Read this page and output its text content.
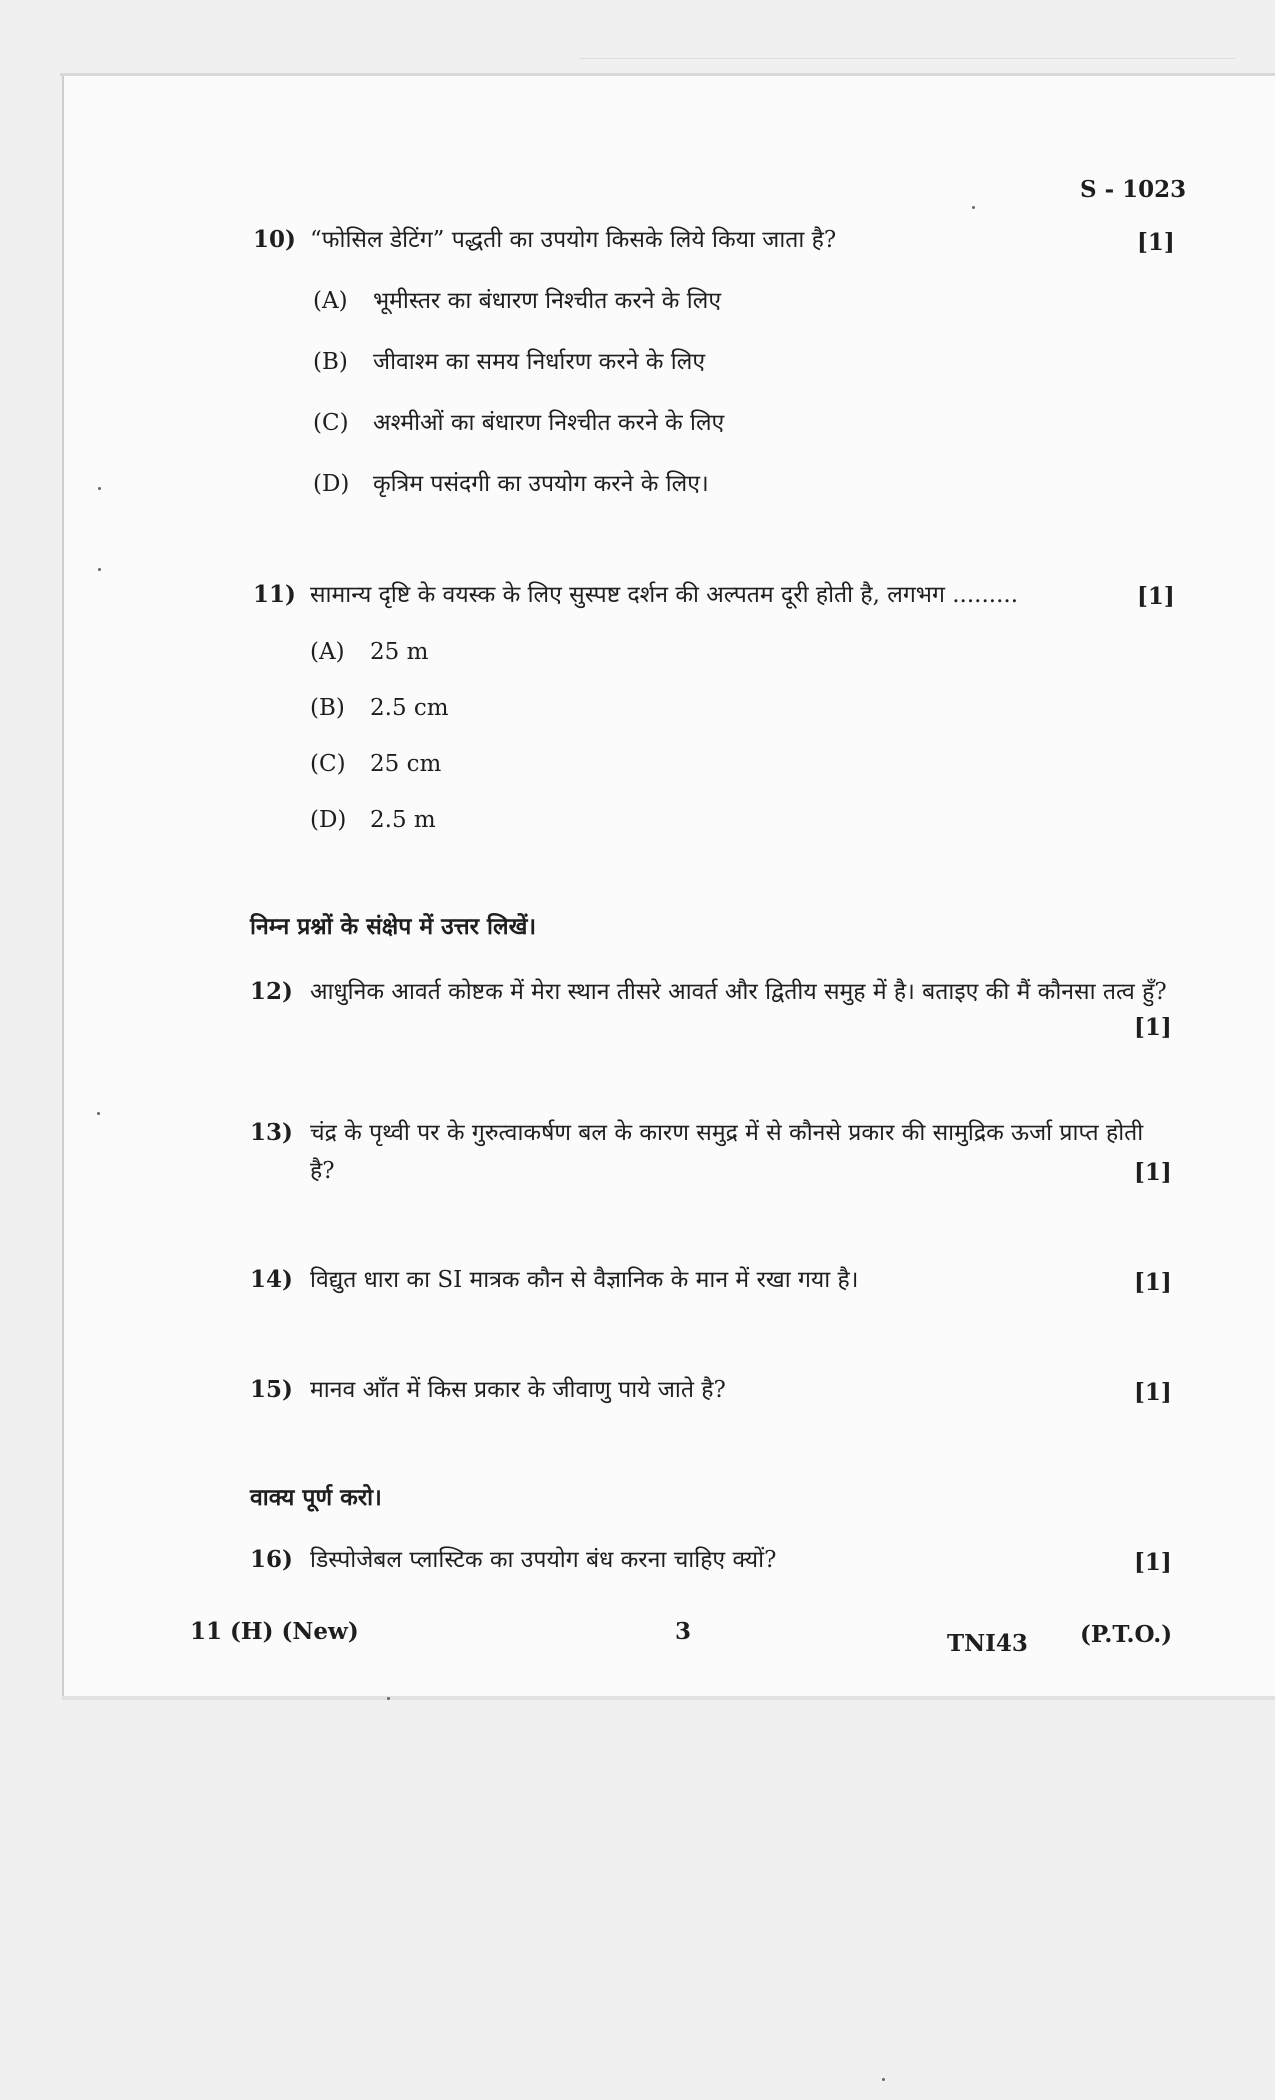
S - 1023
10) “फोसिल डेटिंग” पद्धती का उपयोग किसके लिये किया जाता है?	[1]
(A) भूमीस्तर का बंधारण निश्चीत करने के लिए
(B) जीवाश्म का समय निर्धारण करने के लिए
(C) अश्मीओं का बंधारण निश्चीत करने के लिए
(D) कृत्रिम पसंदगी का उपयोग करने के लिए।
11) सामान्य दृष्टि के वयस्क के लिए सुस्पष्ट दर्शन की अल्पतम दूरी होती है, लगभग .........	[1]
(A) 25 m
(B) 2.5 cm
(C) 25 cm
(D) 2.5 m
निम्न प्रश्नों के संक्षेप में उत्तर लिखें।
12) आधुनिक आवर्त कोष्टक में मेरा स्थान तीसरे आवर्त और द्वितीय समुह में है। बताइए की मैं कौनसा तत्व हुँ?
[1]
13) चंद्र के पृथ्वी पर के गुरुत्वाकर्षण बल के कारण समुद्र में से कौनसे प्रकार की सामुद्रिक ऊर्जा प्राप्त होती
है?	[1]
14) विद्युत धारा का SI मात्रक कौन से वैज्ञानिक के मान में रखा गया है।	[1]
15) मानव आँत में किस प्रकार के जीवाणु पाये जाते है?	[1]
वाक्य पूर्ण करो।
16) डिस्पोजेबल प्लास्टिक का उपयोग बंध करना चाहिए क्यों?	[1]
11 (H) (New)	3	TNI43 (P.T.O.)
